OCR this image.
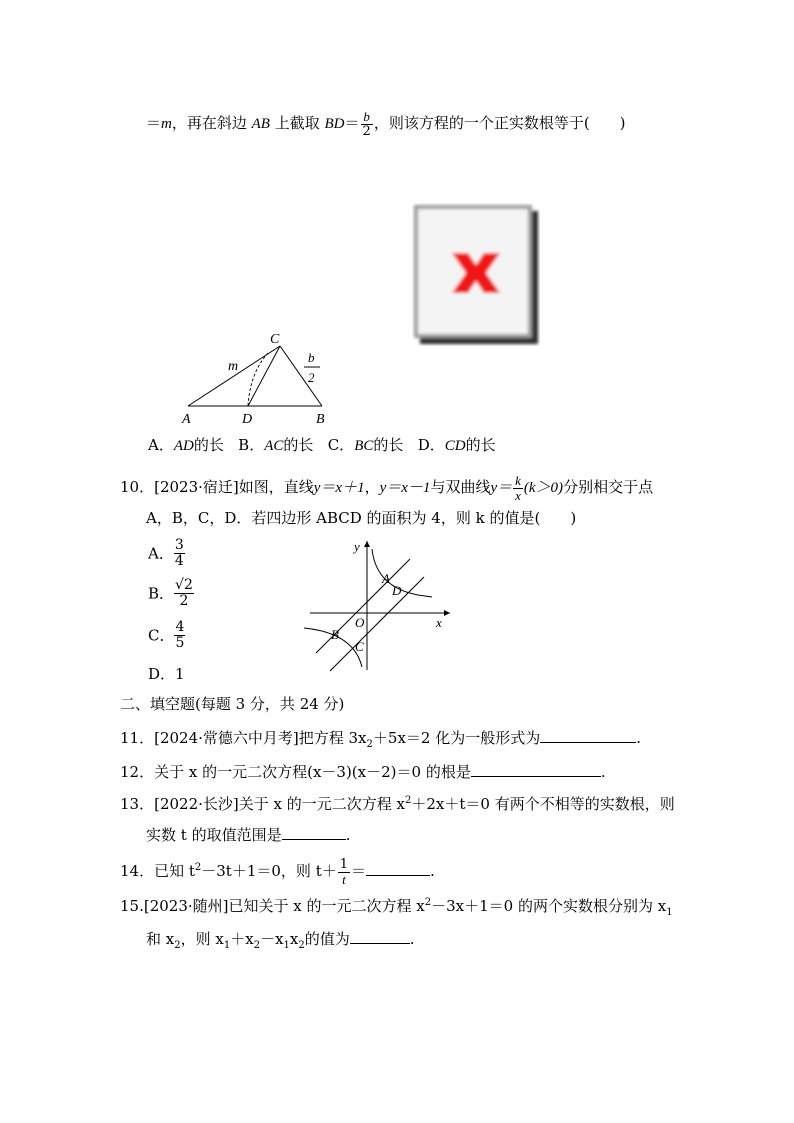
＝m，再在斜边 AB 上截取 $BD= \frac{b}{2}$ ，则该方程的一个正实数根等于(　　)
C
m
A	D	B
b
2
A．AD的长 B．AC的长 C．BC的长 D．CD的长
10．[2023·宿迁]如图，直线y＝x＋1，y＝x－1与双曲线$y= \frac{k}{x} (k>0)$分别相交于点
A，B，C，D．若四边形 ABCD 的面积为 4，则 k 的值是(　　)
A． $\frac{3}{4}$
B． $\frac{√2}{2}$
C． $\frac{4}{5}$
D．1
y
x
O
A
D
B
C
二、填空题(每题 3 分，共 24 分)
11．[2024·常德六中月考]把方程 $3x_2+5x=2$ 化为一般形式为	.
12．关于 x 的一元二次方程(x－3)(x－2)＝0 的根是	.
13．[2022·长沙]关于 x 的一元二次方程 $x^2+2x+t=0$ 有两个不相等的实数根，则
实数 t 的取值范围是	.
14．已知 $t^2-3t+1=0$，则 $t+ \frac{1}{t}$ ＝	.
15.[2023·随州]已知关于 x 的一元二次方程 $x^2-3x+1=0$ 的两个实数根分别为 $x_1$
和 $x_2$，则 $x_1+x_2-x_1x_2$的值为	.
